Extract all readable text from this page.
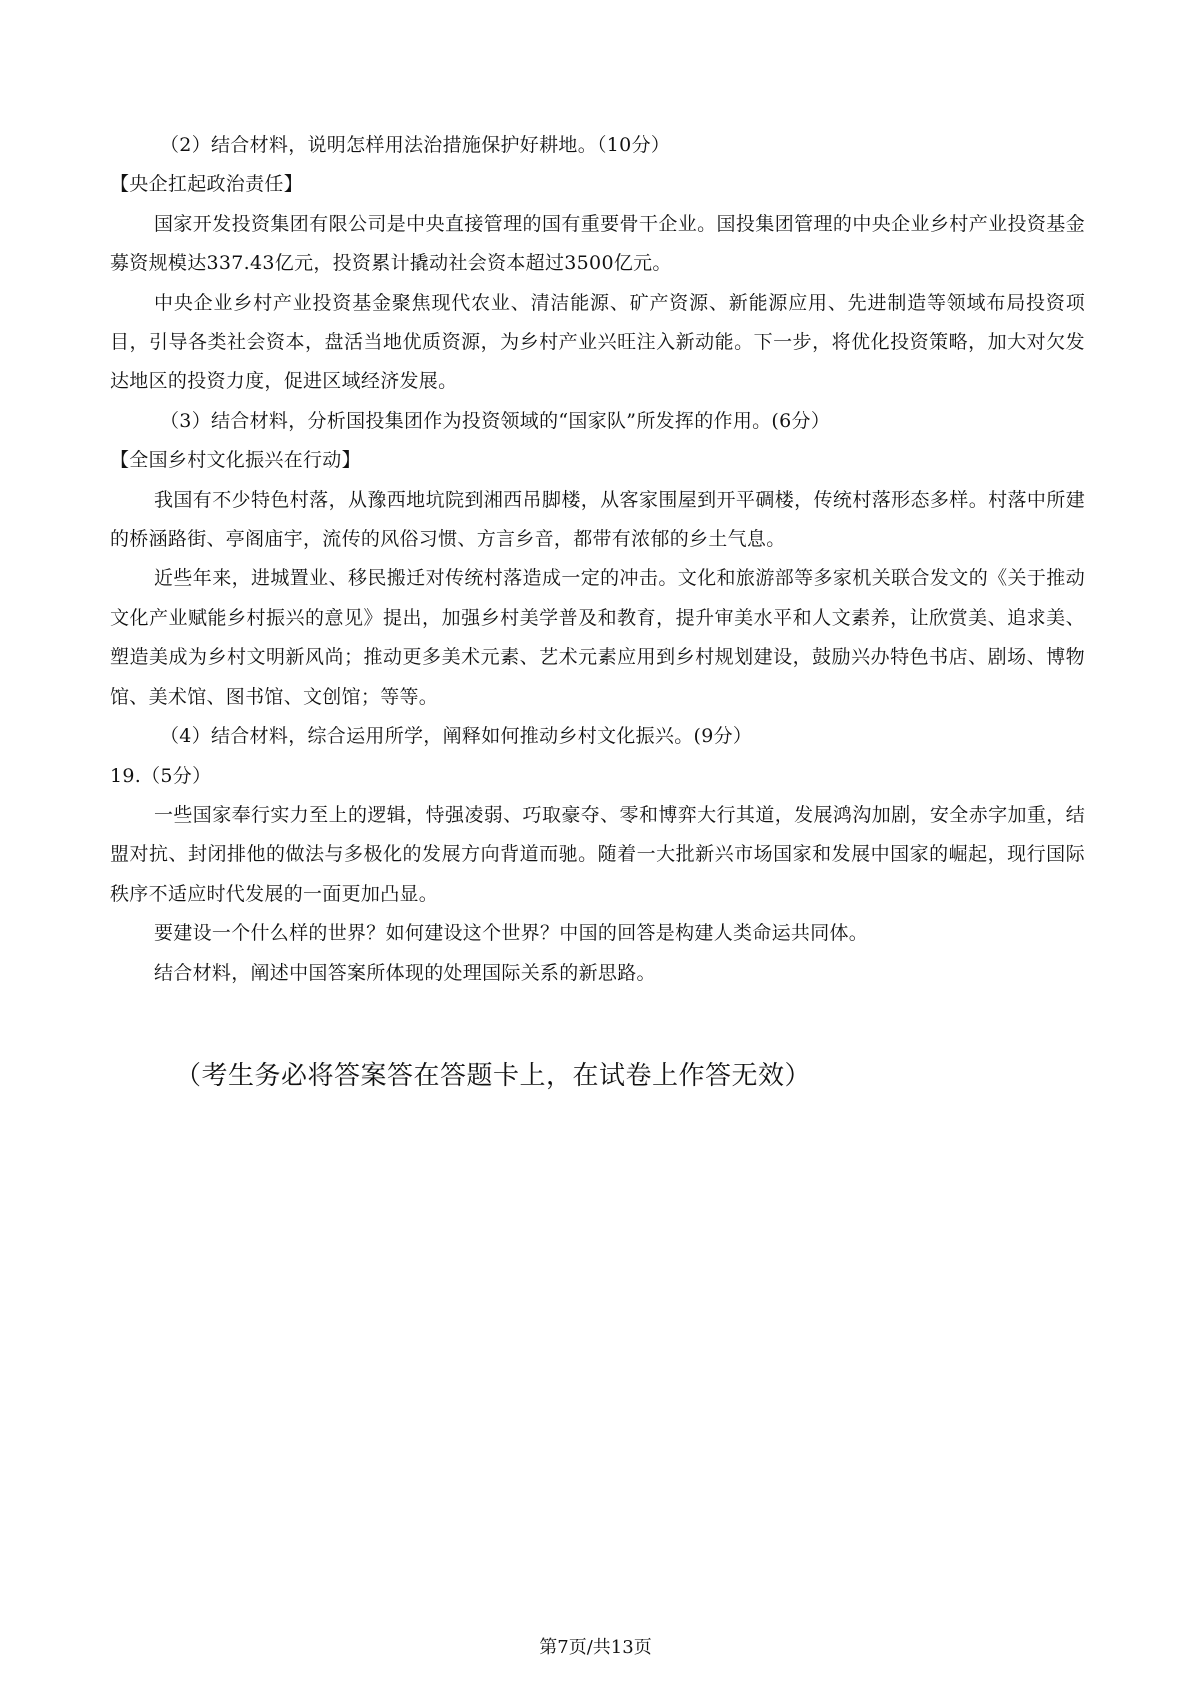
（2）结合材料，说明怎样用法治措施保护好耕地。（10分）

【央企扛起政治责任】

国家开发投资集团有限公司是中央直接管理的国有重要骨干企业。国投集团管理的中央企业乡村产业投资基金募资规模达337.43亿元，投资累计撬动社会资本超过3500亿元。

中央企业乡村产业投资基金聚焦现代农业、清洁能源、矿产资源、新能源应用、先进制造等领域布局投资项目，引导各类社会资本，盘活当地优质资源，为乡村产业兴旺注入新动能。下一步，将优化投资策略，加大对欠发达地区的投资力度，促进区域经济发展。

（3）结合材料，分析国投集团作为投资领域的“国家队”所发挥的作用。(6分）

【全国乡村文化振兴在行动】

我国有不少特色村落，从豫西地坑院到湘西吊脚楼，从客家围屋到开平碉楼，传统村落形态多样。村落中所建的桥涵路街、亭阁庙宇，流传的风俗习惯、方言乡音，都带有浓郁的乡土气息。

近些年来，进城置业、移民搬迁对传统村落造成一定的冲击。文化和旅游部等多家机关联合发文的《关于推动文化产业赋能乡村振兴的意见》提出，加强乡村美学普及和教育，提升审美水平和人文素养，让欣赏美、追求美、塑造美成为乡村文明新风尚；推动更多美术元素、艺术元素应用到乡村规划建设，鼓励兴办特色书店、剧场、博物馆、美术馆、图书馆、文创馆；等等。

（4）结合材料，综合运用所学，阐释如何推动乡村文化振兴。(9分）

19.（5分）

一些国家奉行实力至上的逻辑，恃强凌弱、巧取豪夺、零和博弈大行其道，发展鸿沟加剧，安全赤字加重，结盟对抗、封闭排他的做法与多极化的发展方向背道而驰。随着一大批新兴市场国家和发展中国家的崛起，现行国际秩序不适应时代发展的一面更加凸显。

要建设一个什么样的世界？如何建设这个世界？中国的回答是构建人类命运共同体。

结合材料，阐述中国答案所体现的处理国际关系的新思路。

（考生务必将答案答在答题卡上，在试卷上作答无效）
第7页/共13页
